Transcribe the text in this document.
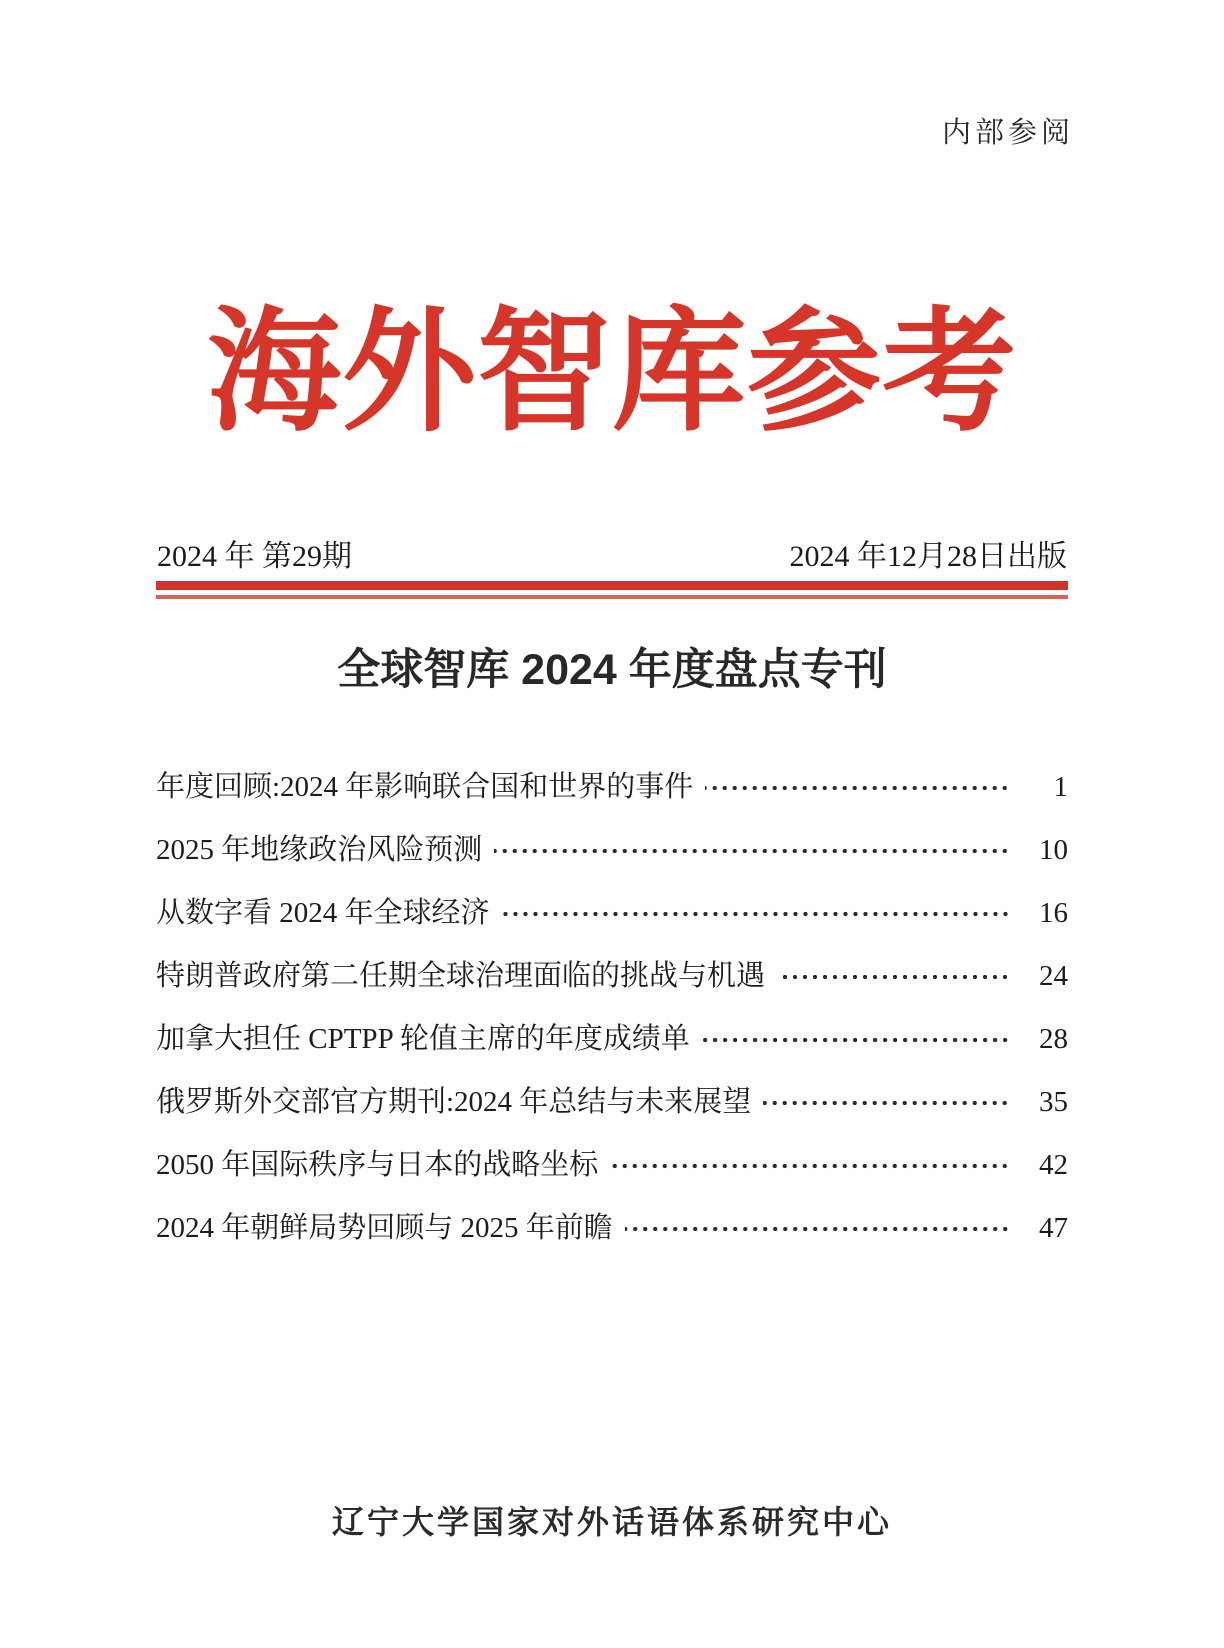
内部参阅
海外智库参考
2024 年 第29期	2024 年12月28日出版
全球智库 2024 年度盘点专刊
年度回顾:2024 年影响联合国和世界的事件	1
2025 年地缘政治风险预测	10
从数字看 2024 年全球经济	16
特朗普政府第二任期全球治理面临的挑战与机遇	24
加拿大担任 CPTPP 轮值主席的年度成绩单	28
俄罗斯外交部官方期刊:2024 年总结与未来展望	35
2050 年国际秩序与日本的战略坐标	42
2024 年朝鲜局势回顾与 2025 年前瞻	47
辽宁大学国家对外话语体系研究中心
